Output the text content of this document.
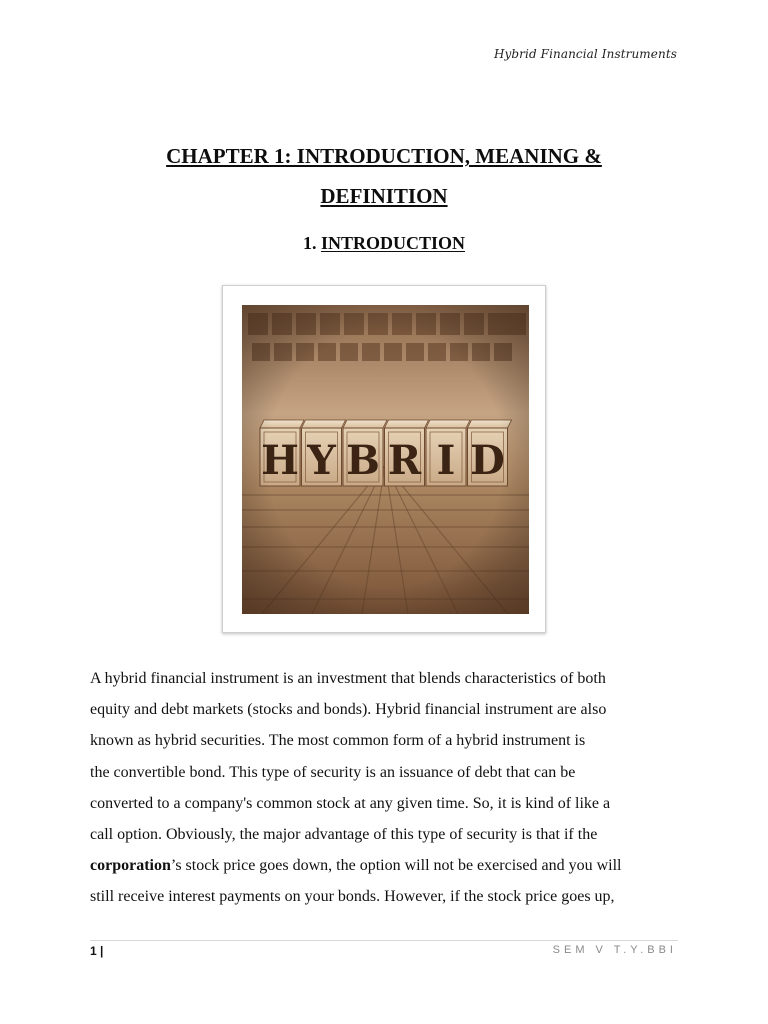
Hybrid Financial Instruments
CHAPTER 1: INTRODUCTION, MEANING &
DEFINITION
1. INTRODUCTION
A hybrid financial instrument is an investment that blends characteristics of both
equity and debt markets (stocks and bonds). Hybrid financial instrument are also
known as hybrid securities. The most common form of a hybrid instrument is
the convertible bond. This type of security is an issuance of debt that can be
converted to a company's common stock at any given time. So, it is kind of like a
call option. Obviously, the major advantage of this type of security is that if the
corporation’s stock price goes down, the option will not be exercised and you will
still receive interest payments on your bonds. However, if the stock price goes up,
1 |	SEM V T.Y.BBI
